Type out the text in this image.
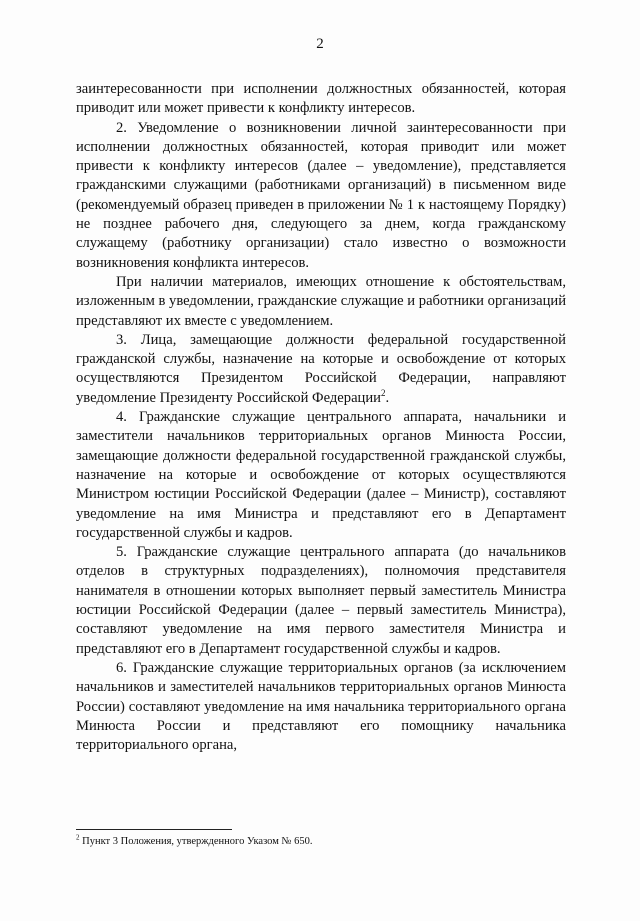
2

заинтересованности при исполнении должностных обязанностей, которая приводит или может привести к конфликту интересов.

2. Уведомление о возникновении личной заинтересованности при исполнении должностных обязанностей, которая приводит или может привести к конфликту интересов (далее – уведомление), представляется гражданскими служащими (работниками организаций) в письменном виде (рекомендуемый образец приведен в приложении № 1 к настоящему Порядку) не позднее рабочего дня, следующего за днем, когда гражданскому служащему (работнику организации) стало известно о возможности возникновения конфликта интересов.

При наличии материалов, имеющих отношение к обстоятельствам, изложенным в уведомлении, гражданские служащие и работники организаций представляют их вместе с уведомлением.

3. Лица, замещающие должности федеральной государственной гражданской службы, назначение на которые и освобождение от которых осуществляются Президентом Российской Федерации, направляют уведомление Президенту Российской Федерации$^2$.

4. Гражданские служащие центрального аппарата, начальники и заместители начальников территориальных органов Минюста России, замещающие должности федеральной государственной гражданской службы, назначение на которые и освобождение от которых осуществляются Министром юстиции Российской Федерации (далее – Министр), составляют уведомление на имя Министра и представляют его в Департамент государственной службы и кадров.

5. Гражданские служащие центрального аппарата (до начальников отделов в структурных подразделениях), полномочия представителя нанимателя в отношении которых выполняет первый заместитель Министра юстиции Российской Федерации (далее – первый заместитель Министра), составляют уведомление на имя первого заместителя Министра и представляют его в Департамент государственной службы и кадров.

6. Гражданские служащие территориальных органов (за исключением начальников и заместителей начальников территориальных органов Минюста России) составляют уведомление на имя начальника территориального органа Минюста России и представляют его помощнику начальника территориального органа,

$^2$ Пункт 3 Положения, утвержденного Указом № 650.
